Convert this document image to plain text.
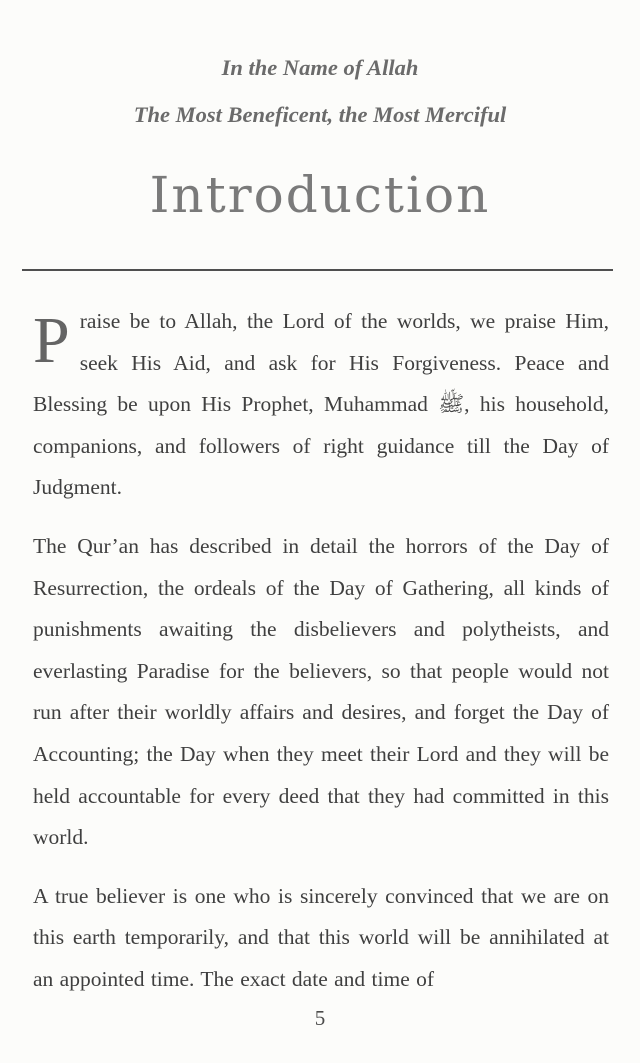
In the Name of Allah

The Most Beneficent, the Most Merciful

Introduction

Praise be to Allah, the Lord of the worlds, we praise Him, seek His Aid, and ask for His Forgiveness. Peace and Blessing be upon His Prophet, Muhammad ﷺ, his household, companions, and followers of right guidance till the Day of Judgment.

The Qur’an has described in detail the horrors of the Day of Resurrection, the ordeals of the Day of Gathering, all kinds of punishments awaiting the disbelievers and polytheists, and everlasting Paradise for the believers, so that people would not run after their worldly affairs and desires, and forget the Day of Accounting; the Day when they meet their Lord and they will be held accountable for every deed that they had committed in this world.

A true believer is one who is sincerely convinced that we are on this earth temporarily, and that this world will be annihilated at an appointed time. The exact date and time of

5
